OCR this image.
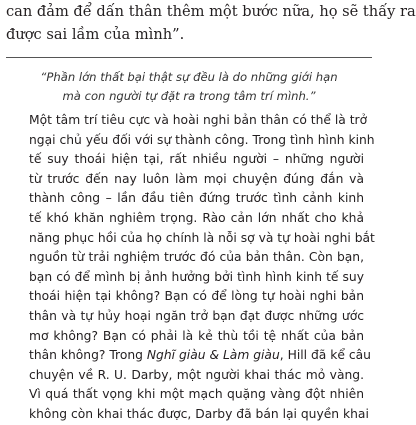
can đảm để dấn thân thêm một bước nữa, họ sẽ thấy ra
được sai lầm của mình”.

“Phần lớn thất bại thật sự đều là do những giới hạn
mà con người tự đặt ra trong tâm trí mình.”

Một tâm trí tiêu cực và hoài nghi bản thân có thể là trở
ngại chủ yếu đối với sự thành công. Trong tình hình kinh
tế suy thoái hiện tại, rất nhiều người – những người
từ trước đến nay luôn làm mọi chuyện đúng đắn và
thành công – lần đầu tiên đứng trước tình cảnh kinh
tế khó khăn nghiêm trọng. Rào cản lớn nhất cho khả
năng phục hồi của họ chính là nỗi sợ và tự hoài nghi bắt
nguồn từ trải nghiệm trước đó của bản thân. Còn bạn,
bạn có để mình bị ảnh hưởng bởi tình hình kinh tế suy
thoái hiện tại không? Bạn có để lòng tự hoài nghi bản
thân và tự hủy hoại ngăn trở bạn đạt được những ước
mơ không? Bạn có phải là kẻ thù tồi tệ nhất của bản
thân không? Trong Nghĩ giàu & Làm giàu, Hill đã kể câu
chuyện về R. U. Darby, một người khai thác mỏ vàng.
Vì quá thất vọng khi một mạch quặng vàng đột nhiên
không còn khai thác được, Darby đã bán lại quyền khai
